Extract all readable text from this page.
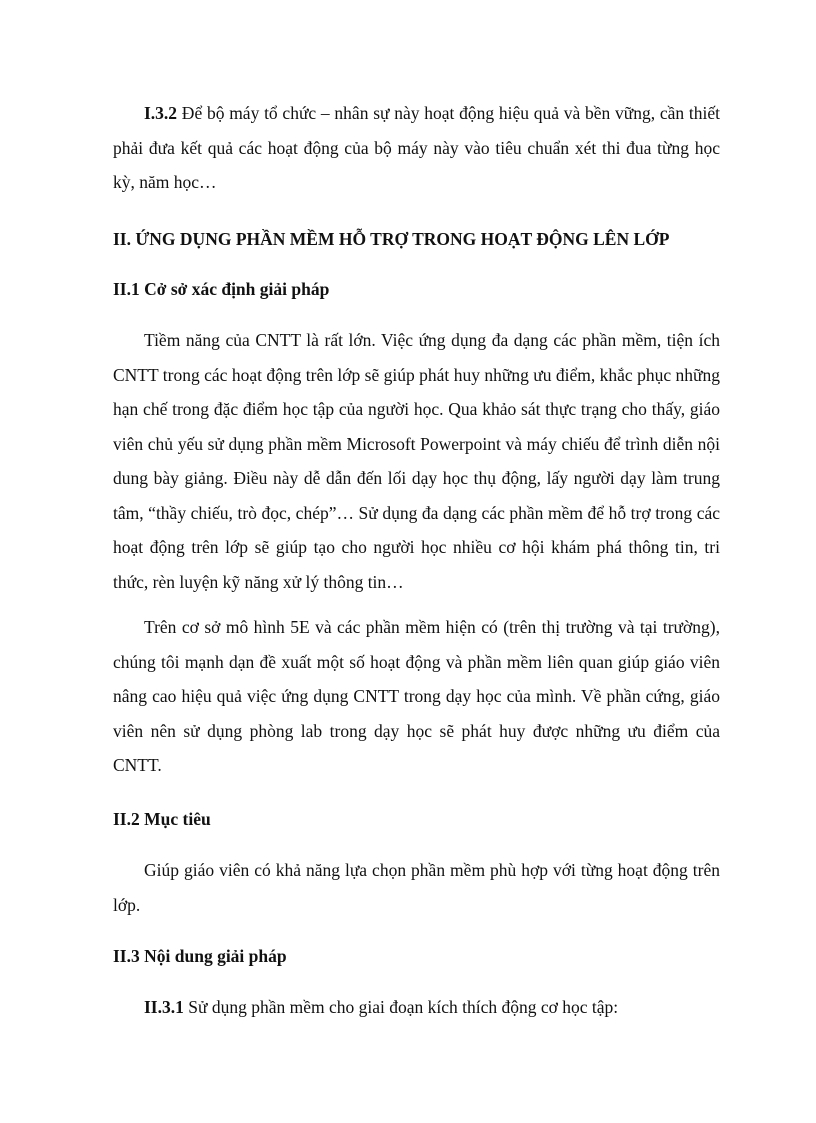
I.3.2 Để bộ máy tổ chức – nhân sự này hoạt động hiệu quả và bền vững, cần thiết phải đưa kết quả các hoạt động của bộ máy này vào tiêu chuẩn xét thi đua từng học kỳ, năm học…

II. ỨNG DỤNG PHẦN MỀM HỖ TRỢ TRONG HOẠT ĐỘNG LÊN LỚP
II.1 Cở sở xác định giải pháp

Tiềm năng của CNTT là rất lớn. Việc ứng dụng đa dạng các phần mềm, tiện ích CNTT trong các hoạt động trên lớp sẽ giúp phát huy những ưu điểm, khắc phục những hạn chế trong đặc điểm học tập của người học. Qua khảo sát thực trạng cho thấy, giáo viên chủ yếu sử dụng phần mềm Microsoft Powerpoint và máy chiếu để trình diễn nội dung bày giảng. Điều này dễ dẫn đến lối dạy học thụ động, lấy người dạy làm trung tâm, “thầy chiếu, trò đọc, chép”… Sử dụng đa dạng các phần mềm để hỗ trợ trong các hoạt động trên lớp sẽ giúp tạo cho người học nhiều cơ hội khám phá thông tin, tri thức, rèn luyện kỹ năng xử lý thông tin…

Trên cơ sở mô hình 5E và các phần mềm hiện có (trên thị trường và tại trường), chúng tôi mạnh dạn đề xuất một số hoạt động và phần mềm liên quan giúp giáo viên nâng cao hiệu quả việc ứng dụng CNTT trong dạy học của mình. Về phần cứng, giáo viên nên sử dụng phòng lab trong dạy học sẽ phát huy được những ưu điểm của CNTT.

II.2 Mục tiêu

Giúp giáo viên có khả năng lựa chọn phần mềm phù hợp với từng hoạt động trên lớp.

II.3 Nội dung giải pháp

II.3.1 Sử dụng phần mềm cho giai đoạn kích thích động cơ học tập:
